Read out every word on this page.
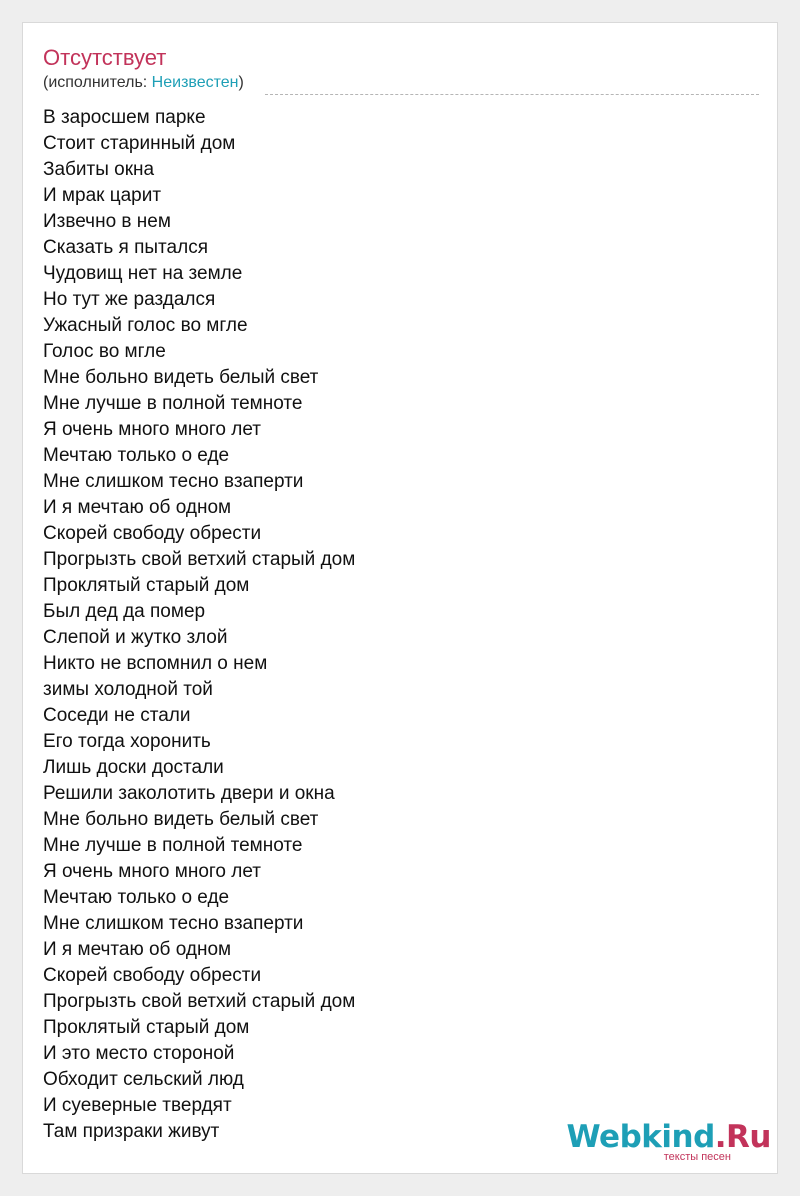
Отсутствует
(исполнитель: Неизвестен)
В заросшем парке
Стоит старинный дом
Забиты окна
И мрак царит
Извечно в нем
Сказать я пытался
Чудовищ нет на земле
Но тут же раздался
Ужасный голос во мгле
Голос во мгле
Мне больно видеть белый свет
Мне лучше в полной темноте
Я очень много много лет
Мечтаю только о еде
Мне слишком тесно взаперти
И я мечтаю об одном
Скорей свободу обрести
Прогрызть свой ветхий старый дом
Проклятый старый дом
Был дед да помер
Слепой и жутко злой
Никто не вспомнил о нем
зимы холодной той
Соседи не стали
Его тогда хоронить
Лишь доски достали
Решили заколотить двери и окна
Мне больно видеть белый свет
Мне лучше в полной темноте
Я очень много много лет
Мечтаю только о еде
Мне слишком тесно взаперти
И я мечтаю об одном
Скорей свободу обрести
Прогрызть свой ветхий старый дом
Проклятый старый дом
И это место стороной
Обходит сельский люд
И суеверные твердят
Там призраки живут	Webkind.Ru
тексты песен
